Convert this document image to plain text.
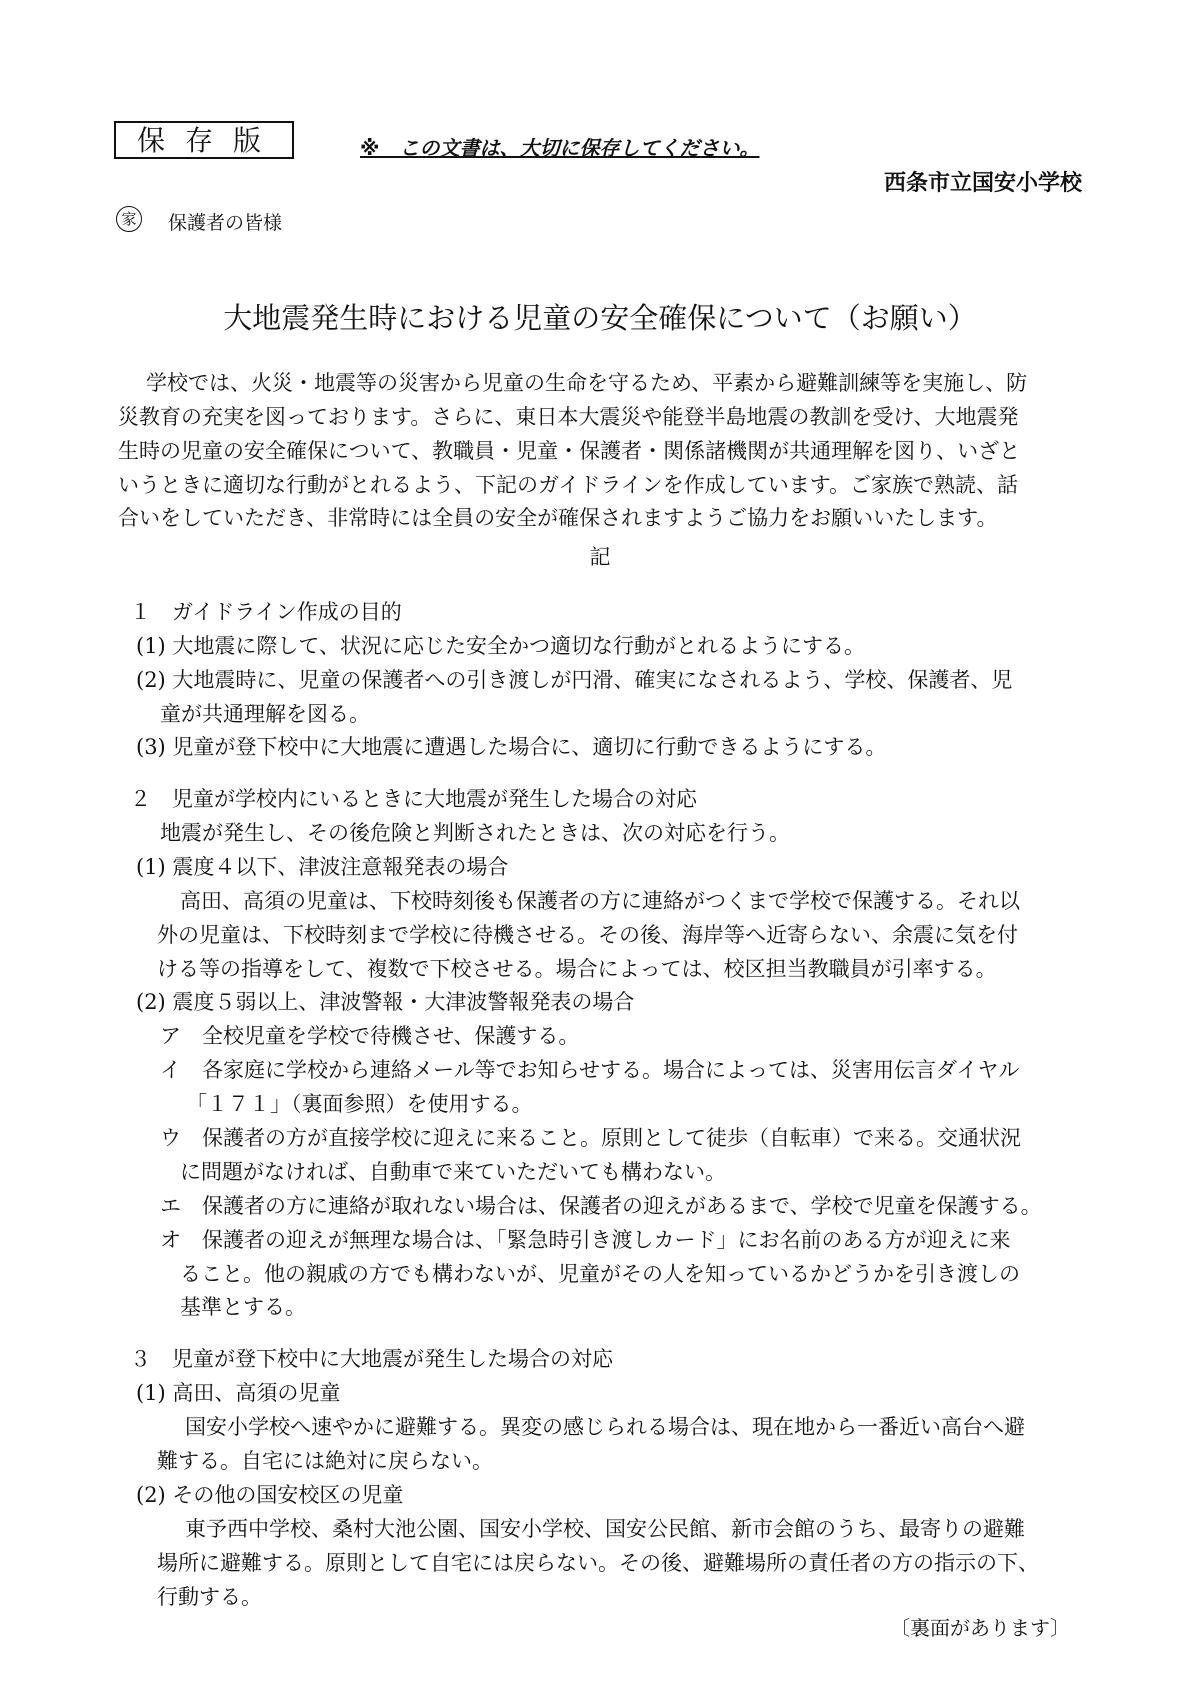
保存版	※　この文書は、大切に保存してください。
西条市立国安小学校
家 保護者の皆様
大地震発生時における児童の安全確保について（お願い）
　学校では、火災・地震等の災害から児童の生命を守るため、平素から避難訓練等を実施し、防
災教育の充実を図っております。さらに、東日本大震災や能登半島地震の教訓を受け、大地震発
生時の児童の安全確保について、教職員・児童・保護者・関係諸機関が共通理解を図り、いざと
いうときに適切な行動がとれるよう、下記のガイドラインを作成しています。ご家族で熟読、話
合いをしていただき、非常時には全員の安全が確保されますようご協力をお願いいたします。
記
１　ガイドライン作成の目的
(1) 大地震に際して、状況に応じた安全かつ適切な行動がとれるようにする。
(2) 大地震時に、児童の保護者への引き渡しが円滑、確実になされるよう、学校、保護者、児
童が共通理解を図る。
(3) 児童が登下校中に大地震に遭遇した場合に、適切に行動できるようにする。
２　児童が学校内にいるときに大地震が発生した場合の対応
地震が発生し、その後危険と判断されたときは、次の対応を行う。
(1) 震度４以下、津波注意報発表の場合
高田、高須の児童は、下校時刻後も保護者の方に連絡がつくまで学校で保護する。それ以
外の児童は、下校時刻まで学校に待機させる。その後、海岸等へ近寄らない、余震に気を付
ける等の指導をして、複数で下校させる。場合によっては、校区担当教職員が引率する。
(2) 震度５弱以上、津波警報・大津波警報発表の場合
ア　全校児童を学校で待機させ、保護する。
イ　各家庭に学校から連絡メール等でお知らせする。場合によっては、災害用伝言ダイヤル
「１７１」（裏面参照）を使用する。
ウ　保護者の方が直接学校に迎えに来ること。原則として徒歩（自転車）で来る。交通状況
に問題がなければ、自動車で来ていただいても構わない。
エ　保護者の方に連絡が取れない場合は、保護者の迎えがあるまで、学校で児童を保護する。
オ　保護者の迎えが無理な場合は、「緊急時引き渡しカード」にお名前のある方が迎えに来
ること。他の親戚の方でも構わないが、児童がその人を知っているかどうかを引き渡しの
基準とする。
３　児童が登下校中に大地震が発生した場合の対応
(1) 高田、高須の児童
国安小学校へ速やかに避難する。異変の感じられる場合は、現在地から一番近い高台へ避
難する。自宅には絶対に戻らない。
(2) その他の国安校区の児童
東予西中学校、桑村大池公園、国安小学校、国安公民館、新市会館のうち、最寄りの避難
場所に避難する。原則として自宅には戻らない。その後、避難場所の責任者の方の指示の下、
行動する。
〔裏面があります〕
